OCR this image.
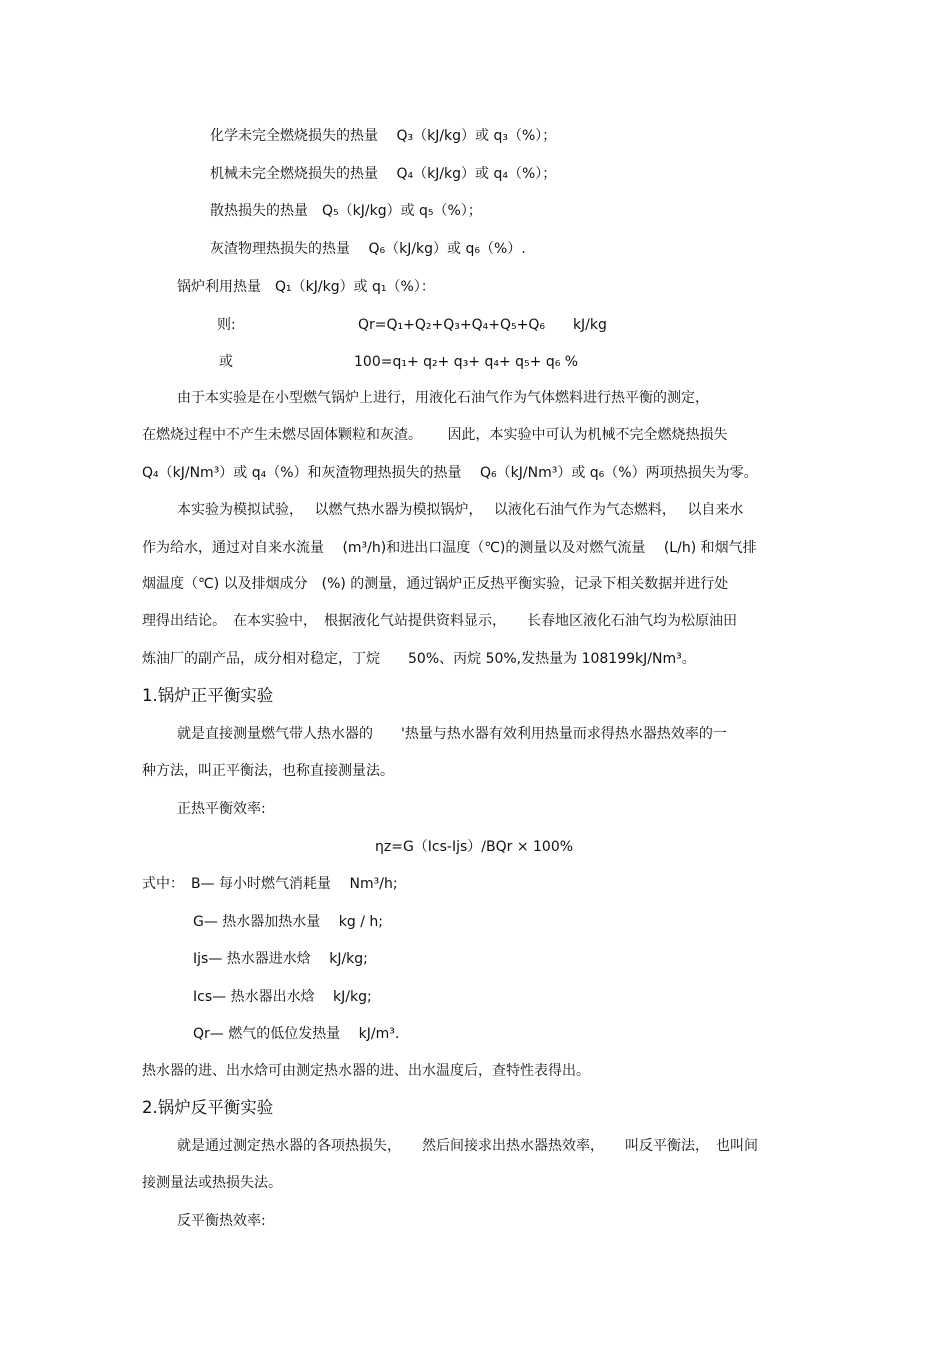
化学未完全燃烧损失的热量　 Q₃（kJ/kg）或 q₃（%）；
机械未完全燃烧损失的热量　 Q₄（kJ/kg）或 q₄（%）；
散热损失的热量　Q₅（kJ/kg）或 q₅（%）；
灰渣物理热损失的热量　 Q₆（kJ/kg）或 q₆（%）.
锅炉利用热量　Q₁（kJ/kg）或 q₁（%）：
则:	Qr=Q₁+Q₂+Q₃+Q₄+Q₅+Q₆　　kJ/kg
或	100=q₁+ q₂+ q₃+ q₄+ q₅+ q₆ %
由于本实验是在小型燃气锅炉上进行，用液化石油气作为气体燃料进行热平衡的测定，
在燃烧过程中不产生未燃尽固体颗粒和灰渣。　　 因此，本实验中可认为机械不完全燃烧热损失
Q₄（kJ/Nm³）或 q₄（%）和灰渣物理热损失的热量　 Q₆（kJ/Nm³）或 q₆（%）两项热损失为零。
本实验为模拟试验，　 以燃气热水器为模拟锅炉，　 以液化石油气作为气态燃料，　 以自来水
作为给水，通过对自来水流量　 (m³/h)和进出口温度（℃)的测量以及对燃气流量　 (L/h) 和烟气排
烟温度（℃) 以及排烟成分　(%) 的测量，通过锅炉正反热平衡实验，记录下相关数据并进行处
理得出结论。　在本实验中，　根据液化气站提供资料显示，　　长春地区液化石油气均为松原油田
炼油厂的副产品，成分相对稳定，丁烷　　50%、丙烷 50%,发热量为 108199kJ/Nm³。
1.锅炉正平衡实验
就是直接测量燃气带人热水器的　　'热量与热水器有效利用热量而求得热水器热效率的一
种方法，叫正平衡法，也称直接测量法。
正热平衡效率:
ηz=G（Ics-Ijs）/BQr × 100%
式中：　B— 每小时燃气消耗量　 Nm³/h;
G— 热水器加热水量　 kg / h;
Ijs— 热水器进水焓　 kJ/kg;
Ics— 热水器出水焓　 kJ/kg;
Qr— 燃气的低位发热量　 kJ/m³.
热水器的进、出水焓可由测定热水器的进、出水温度后，查特性表得出。
2.锅炉反平衡实验
就是通过测定热水器的各项热损失，　　然后间接求出热水器热效率，　　叫反平衡法，　也叫间
接测量法或热损失法。
反平衡热效率:
